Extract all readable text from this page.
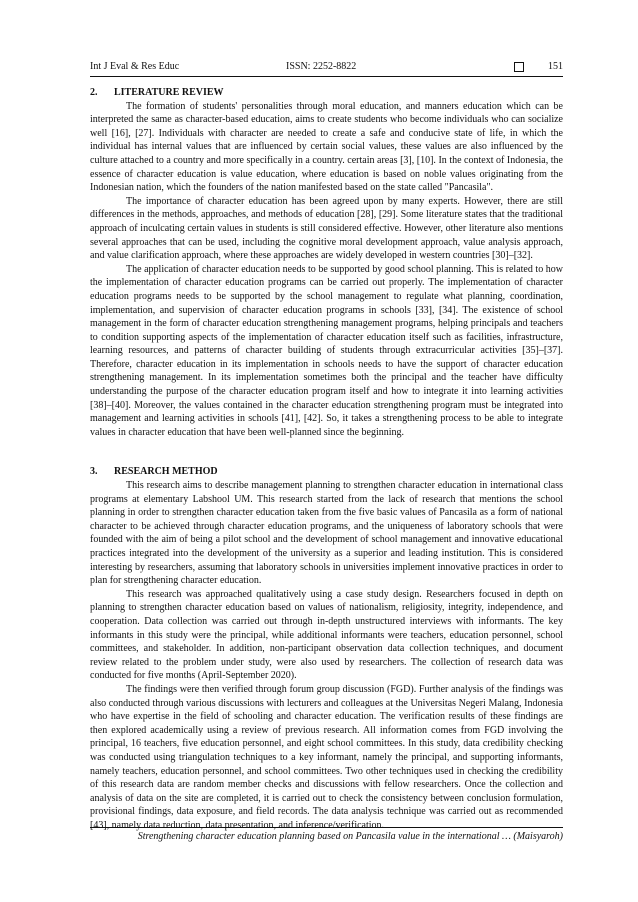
Int J Eval & Res Educ	ISSN: 2252-8822	151
2. LITERATURE REVIEW

The formation of students' personalities through moral education, and manners education which can be interpreted the same as character-based education, aims to create students who become individuals who can socialize well [16], [27]. Individuals with character are needed to create a safe and conducive state of life, in which the individual has internal values that are influenced by certain social values, these values are also influenced by the culture attached to a country and more specifically in a country. certain areas [3], [10]. In the context of Indonesia, the essence of character education is value education, where education is based on noble values originating from the Indonesian nation, which the founders of the nation manifested based on the state called "Pancasila".

The importance of character education has been agreed upon by many experts. However, there are still differences in the methods, approaches, and methods of education [28], [29]. Some literature states that the traditional approach of inculcating certain values in students is still considered effective. However, other literature also mentions several approaches that can be used, including the cognitive moral development approach, value analysis approach, and value clarification approach, where these approaches are widely developed in western countries [30]–[32].

The application of character education needs to be supported by good school planning. This is related to how the implementation of character education programs can be carried out properly. The implementation of character education programs needs to be supported by the school management to regulate what planning, coordination, implementation, and supervision of character education programs in schools [33], [34]. The existence of school management in the form of character education strengthening management programs, helping principals and teachers to condition supporting aspects of the implementation of character education itself such as facilities, infrastructure, learning resources, and patterns of character building of students through extracurricular activities [35]–[37]. Therefore, character education in its implementation in schools needs to have the support of character education strengthening management. In its implementation sometimes both the principal and the teacher have difficulty understanding the purpose of the character education program itself and how to integrate it into learning activities [38]–[40]. Moreover, the values contained in the character education strengthening program must be integrated into management and learning activities in schools [41], [42]. So, it takes a strengthening process to be able to integrate values in character education that have been well-planned since the beginning.

3. RESEARCH METHOD

This research aims to describe management planning to strengthen character education in international class programs at elementary Labshool UM. This research started from the lack of research that mentions the school planning in order to strengthen character education taken from the five basic values of Pancasila as a form of national character to be achieved through character education programs, and the uniqueness of laboratory schools that were founded with the aim of being a pilot school and the development of school management and innovative educational practices integrated into the development of the university as a superior and leading institution. This is considered interesting by researchers, assuming that laboratory schools in universities implement innovative practices in order to plan for strengthening character education.

This research was approached qualitatively using a case study design. Researchers focused in depth on planning to strengthen character education based on values of nationalism, religiosity, integrity, independence, and cooperation. Data collection was carried out through in-depth unstructured interviews with informants. The key informants in this study were the principal, while additional informants were teachers, education personnel, school committees, and stakeholder. In addition, non-participant observation data collection techniques, and document review related to the problem under study, were also used by researchers. The collection of research data was conducted for five months (April-September 2020).

The findings were then verified through forum group discussion (FGD). Further analysis of the findings was also conducted through various discussions with lecturers and colleagues at the Universitas Negeri Malang, Indonesia who have expertise in the field of schooling and character education. The verification results of these findings are then explored academically using a review of previous research. All information comes from FGD involving the principal, 16 teachers, five education personnel, and eight school committees. In this study, data credibility checking was conducted using triangulation techniques to a key informant, namely the principal, and supporting informants, namely teachers, education personnel, and school committees. Two other techniques used in checking the credibility of this research data are random member checks and discussions with fellow researchers. Once the collection and analysis of data on the site are completed, it is carried out to check the consistency between conclusion formulation, provisional findings, data exposure, and field records. The data analysis technique was carried out as recommended [43], namely data reduction, data presentation, and inference/verification.

Strengthening character education planning based on Pancasila value in the international … (Maisyaroh)
